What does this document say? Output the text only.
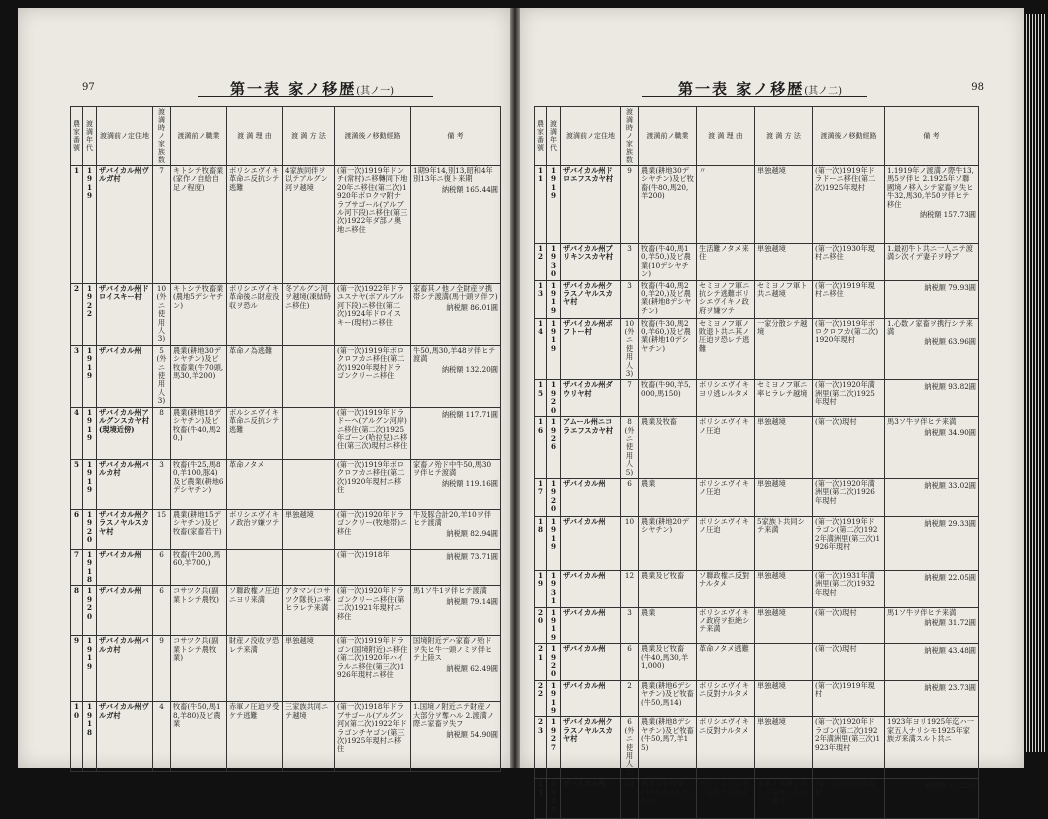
97	第一表 家ノ移歴(其ノ一)
農家番號	渡満年代	渡満前ノ定住地	渡満時ノ家族数	渡満前ノ職業	渡 満 理 由	渡 満 方 法	渡満後ノ移動經路	備 考
1	1919	ザバイカル州ヴルガ村	7	キトシテ牧畜業(家作ノ自給自足ノ程度)	ボリシエヴイキ革命ニ反抗シテ逃難	4家族同伴ヲ以テアルグン河ヲ越境	(第一次)1919年ドンチ(常村)ニ移轉同下地20年ニ移住(第二次)1920年ポロクマ附ナラブサゴール(アルブル河下段)ニ移住(第三次)1922年ダ部ノ奥地ニ移住	1期9年14,別13,昭和4年別13年ニ復ト来期
納税額 165.44圓

2	1922	ザバイカル州ドロイスキー村	10(外ニ使用人3)	キトシテ牧畜業(農地5デシヤチン)	ボリシエヴイキ革命後ニ財産没収ヲ恐ル	冬アルグン河ヲ越境(凍結時ニ移住)	(第一次)1922年ドラユスナヤ(ボアルブル河下段)ニ移住(第二次)1924年ドロイスキー(現村)ニ移住	家畜其ノ他ノ全財産ヲ携帯シテ渡満(馬十頭ヲ伴フ)
納税額 86.01圓

3	1919	ザバイカル州	5(外ニ使用人3)	農業(耕地30デシヤチン)及ビ牧畜業(牛70頭,馬30,羊200)	革命ノ為逃難		(第一次)1919年ボロクロフカニ移住(第二次)1920年現村ドラゴンクリーニ移住	牛50,馬30,羊48ヲ伴ヒテ渡満
納税額 132.20圓

4	1919	ザバイカル州アルグンスカヤ村(現境近傍)	8	農業(耕地18デシヤチン)及ビ牧畜(牛40,馬20,)	ボルシエヴイキ革命ニ反抗シテ逃難		(第一次)1919年ドラドーヘ(アルグン河岸)ニ移住(第二次)1925年ゴーン(哈拉兒)ニ移住(第三次)現村ニ移住	納税額 117.71圓

5	1919	ザバイカル州バルカ村	3	牧畜(牛25,馬80,羊100,豚4)及ビ農業(耕地6デシヤチン)	革命ノタメ		(第一次)1919年ボロクロフカニ移住(第二次)1920年現村ニ移住	家畜ノ殆ド中牛50,馬30ヲ伴ヒテ渡満
納税額 119.16圓

6	1920	ザバイカル州クラスノヤルスカヤ村	15	農業(耕地15デシヤチン)及ビ牧畜(家畜若干)	ボリシエヴイキノ政治ヲ嫌ツテ	単独越境	(第一次)1920年ドラゴンクリー(牧地帯)ニ移住	牛及豚合計20,羊10ヲ伴ヒテ渡満
納税額 82.94圓

7	1918	ザバイカル州	6	牧畜(牛200,馬60,羊700,)			(第一次)1918年	納税額 73.71圓

8	1920	ザバイカル州	6	コサツク兵(副業トシテ農牧)	ソ聯政権ノ圧迫ニヨリ来満	アタマン(コサツク隊長)ニ率ヒラレテ来満	(第一次)1920年ドラゴンクリーニ移住(第二次)1921年現村ニ移住	馬1ソ牛1ヲ伴ヒテ渡満
納税額 79.14圓

9	1919	ザバイカル州バルカ村	9	コサツク兵(副業トシテ農牧業)	財産ノ没收ヲ恐レテ来満	単独越境	(第一次)1919年ドラゴン(国境附近)ニ移住(第二次)1920年ハイラルニ移住(第三次)1926年現村ニ移住	国境附近デハ家畜ノ殆ドヲ失ヒ牛一頭ノミヲ伴ヒテ上陸ス
納税額 62.49圓

10	1918	ザバイカル州ヴルガ村	4	牧畜(牛50,馬18,羊80)及ビ農業	赤軍ノ圧迫ヲ受ケテ逃難	三家族共同ニテ越境	(第一次)1918年ドラブサゴール(アルグン河)(第二次)1922年ドラゴンチヤゴン(第三次)1925年現村ニ移住	1.国境ノ附近ニテ財産ノ大部分ヲ奪ハル 2.渡満ノ際ニ家畜ヲ失フ
納税額 54.90圓
98
第一表 家ノ移歴(其ノ二)
農家番號	渡満年代	渡満前ノ定住地	渡満時ノ家族数	渡満前ノ職業	渡 満 理 由	渡 満 方 法	渡満後ノ移動經路	備 考
11	1919	ザバイカル州ドロエフスカヤ村	9	農業(耕地30デシヤチン)及ビ牧畜(牛80,馬20,羊200)	〃	単独越境	(第一次)1919年ドラドーニ移住(第二次)1925年現村	1.1919年ノ渡満ノ際牛13,馬5ヲ伴ヒ 2.1925年ソ聯國境ノ移入シテ家畜ヲ失ヒ牛32,馬30,羊50ヲ伴ヒテ移住
納税額 157.73圓

12	1930	ザバイカル州ブリキンスカヤ村	3	牧畜(牛40,馬10,羊50,)及ビ農業(10デシヤチン)	生活難ノタメ来住	単独越境	(第一次)1930年現村ニ移住	1.最初牛ト共ニ一人ニテ渡満シ次イデ妻子ヲ呼ブ

13	1919	ザバイカル州クラスノヤルスカヤ村	3	牧畜(牛40,馬20,羊20,)及ビ農業(耕地8デシヤチン)	セミヨノフ軍ニ抗シテ逃難ボリシエヴイキノ政府ヲ嫌ツテ	セミヨノフ軍ト共ニ越境	(第一次)1919年現村ニ移住	納税額 79.93圓

14	1919	ザバイカル州ボフトー村	10(外ニ使用人3)	牧畜(牛30,馬20,羊60,)及ビ農業(耕地10デシヤチン)	セミヨノフ軍ノ敗退ト共ニ其ノ圧迫ヲ恐レテ逃難	一家分散シテ越境	(第一次)1919年ボロクロフカ(第二次)1920年現村	1.心数ノ家畜ヲ携行シテ来満
納税額 63.96圓

15	1920	ザバイカル州ダウリヤ村	7	牧畜(牛90,羊5,000,馬150)	ボリシエヴイキヨリ逃レルタメ	セミヨノフ軍ニ率ヒラレテ越境	(第一次)1920年満洲里(第二次)1925年現村	納税額 93.82圓

16	1926	アムール州ニコラエフスカヤ村	8(外ニ使用人5)	農業及牧畜	ボリシエヴイキノ圧迫	単独越境	(第一次)現村	馬3ソ牛ヲ伴ヒテ来満
納税額 34.90圓

17	1920	ザバイカル州	6	農業	ボリシエヴイキノ圧迫	単独越境	(第一次)1920年満洲里(第二次)1926年現村	納税額 33.02圓

18	1919	ザバイカル州	10	農業(耕地20デシヤチン)	ボリシエヴイキノ圧迫	5家族ト共同シテ来満	(第一次)1919年ドラゴン(第二次)1922年満洲里(第三次)1926年現村	納税額 29.33圓

19	1931	ザバイカル州	12	農業及ビ牧畜	ソ聯政権ニ反對ナルタメ	単独越境	(第一次)1931年満洲里(第二次)1932年現村	納税額 22.05圓

20	1919	ザバイカル州	3	農業	ボリシエヴイキノ政府ヲ拒絶シテ来満	単独越境	(第一次)現村	馬1ソ牛ヲ伴ヒテ来満
納税額 31.72圓

21	1920	ザバイカル州	6	農業及ビ牧畜(牛40,馬30,羊1,000)	革命ノタメ逃難		(第一次)現村	納税額 43.48圓

22	1919	ザバイカル州	2	農業(耕地6デシヤチン)及ビ牧畜(牛50,馬14)	ボリシエヴイキニ反對ナルタメ	単独越境	(第一次)1919年現村	納税額 23.73圓

23	1927	ザバイカル州クラスノヤルスカヤ村	6(外ニ使用人2)	農業(耕地8デシヤチン)及ビ牧畜(牛50,馬7,羊15)	ボリシエヴイキニ反對ナルタメ	単独越境	(第一次)1920年ドラゴン(第二次)1922年満洲里(第三次)1923年現村	1923年ヨリ1925年迄ハ一家五人ナリシモ1925年家族ガ来満スルト共ニ

24	1919	ザバイカル州	14	農業及ビ牧畜(牛50,馬40,羊100,)	ボリシエヴイキニ反對ナルタメ	赤軍ノ来襲ノ為ニ三家族ト共同シテ越境	(第一次)1919年現村	納税額 27.22圓
